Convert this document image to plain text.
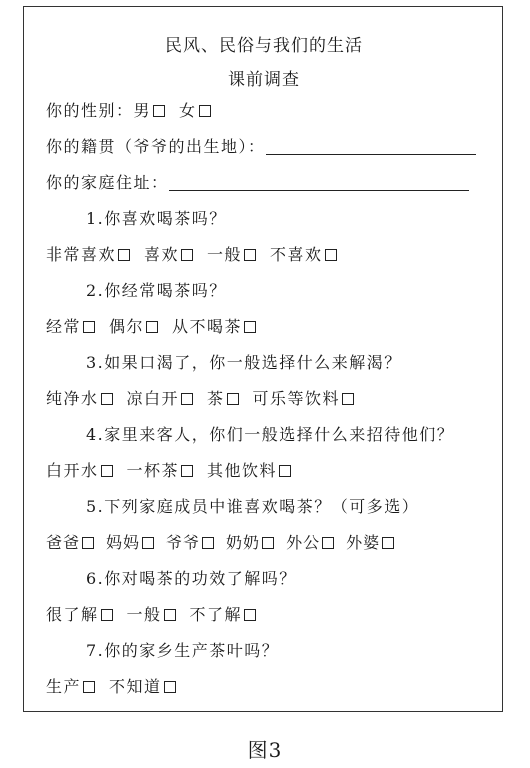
民风、民俗与我们的生活
课前调查
你的性别：男 女
你的籍贯（爷爷的出生地）：
你的家庭住址：
1.你喜欢喝茶吗？
非常喜欢 喜欢 一般 不喜欢
2.你经常喝茶吗？
经常 偶尔 从不喝茶
3.如果口渴了，你一般选择什么来解渴？
纯净水 凉白开 茶 可乐等饮料
4.家里来客人，你们一般选择什么来招待他们？
白开水 一杯茶 其他饮料
5.下列家庭成员中谁喜欢喝茶？（可多选）
爸爸 妈妈 爷爷 奶奶 外公 外婆
6.你对喝茶的功效了解吗？
很了解 一般 不了解
7.你的家乡生产茶叶吗？
生产 不知道
图3
